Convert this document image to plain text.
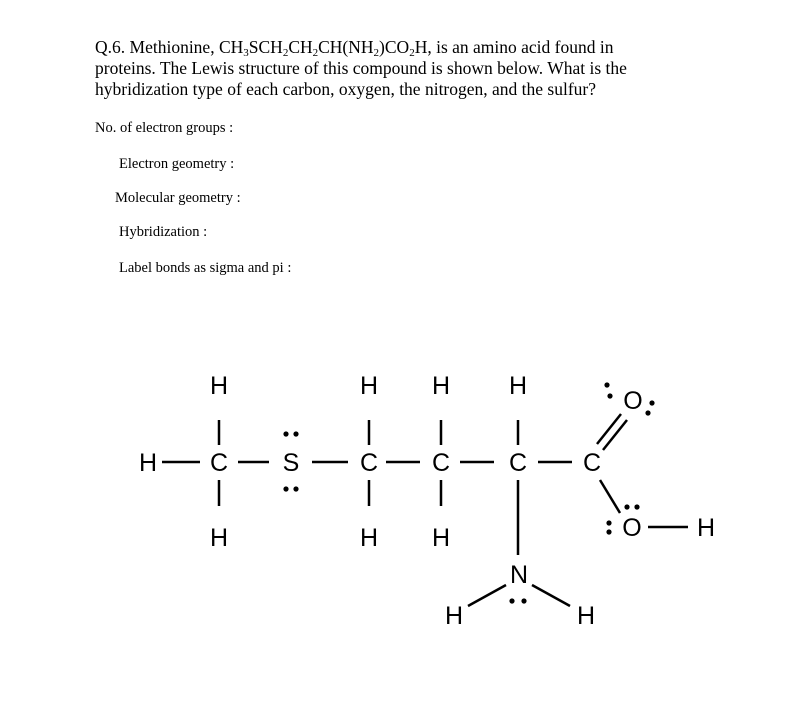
Q.6. Methionine, $CH_3SCH_2CH_2CH(NH_2)CO_2H$, is an amino acid found in
proteins. The Lewis structure of this compound is shown below. What is the
hybridization type of each carbon, oxygen, the nitrogen, and the sulfur?
No. of electron groups :
Electron geometry :
Molecular geometry :
Hybridization :
Label bonds as sigma and pi :
H
H C
H
S
H
C
H
H
C
H
H
C C
O
O H
N
H	H
